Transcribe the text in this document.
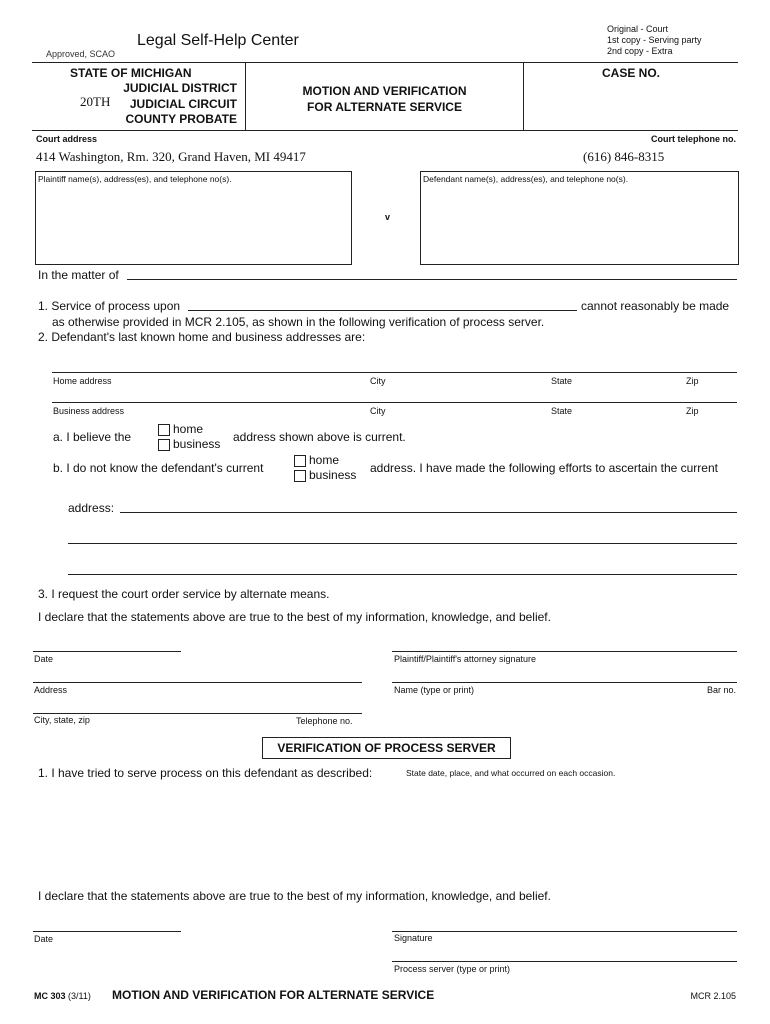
Legal Self-Help Center
Approved, SCAO
Original - Court
1st copy - Serving party
2nd copy - Extra
STATE OF MICHIGAN
20TH
JUDICIAL DISTRICT
JUDICIAL CIRCUIT
COUNTY PROBATE
MOTION AND VERIFICATION
FOR ALTERNATE SERVICE
CASE NO.
Court address
414 Washington, Rm. 320, Grand Haven, MI 49417
Court telephone no.
(616) 846-8315
Plaintiff name(s), address(es), and telephone no(s).
v
Defendant name(s), address(es), and telephone no(s).
In the matter of
1. Service of process upon	cannot reasonably be made
as otherwise provided in MCR 2.105, as shown in the following verification of process server.
2. Defendant's last known home and business addresses are:
Home address	City	State	Zip
Business address	City	State	Zip
a. I believe the
home
business address shown above is current.
b. I do not know the defendant's current
home
business address. I have made the following efforts to ascertain the current
address:
3. I request the court order service by alternate means.
I declare that the statements above are true to the best of my information, knowledge, and belief.
Date	Plaintiff/Plaintiff's attorney signature
Address	Name (type or print)	Bar no.
City, state, zip	Telephone no.
VERIFICATION OF PROCESS SERVER
1. I have tried to serve process on this defendant as described:	State date, place, and what occurred on each occasion.
I declare that the statements above are true to the best of my information, knowledge, and belief.
Date	Signature
Process server (type or print)
MC 303 (3/11) MOTION AND VERIFICATION FOR ALTERNATE SERVICE	MCR 2.105
